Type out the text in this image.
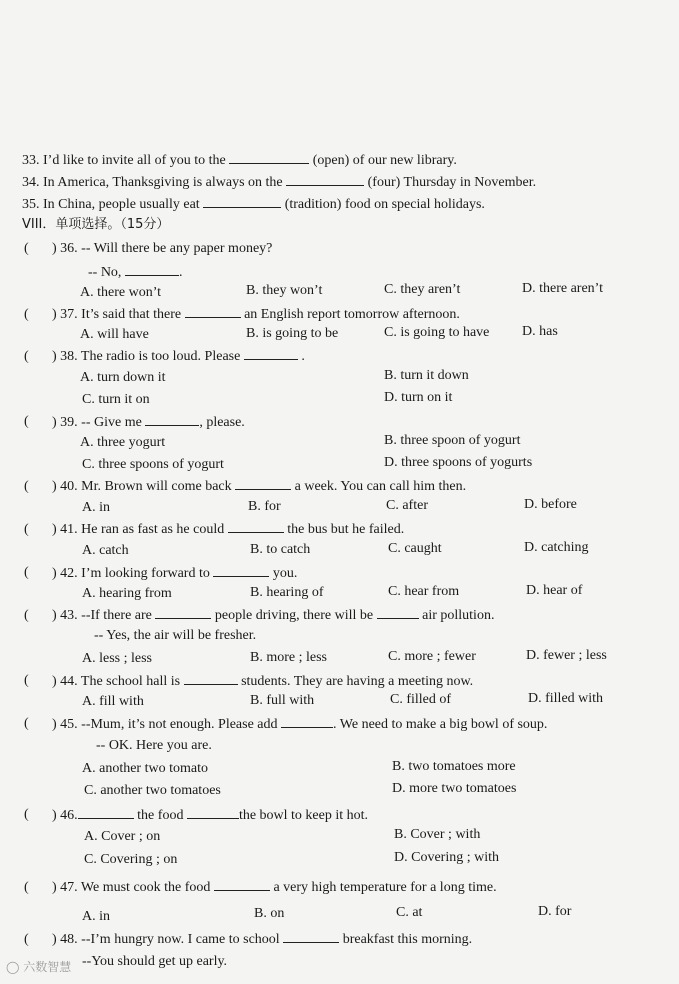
33. I’d like to invite all of you to the	(open) of our new library.
34. In America, Thanksgiving is always on the	(four) Thursday in November.
35. In China, people usually eat	(tradition) food on special holidays.
VIII．单项选择。（15分）
( ) 36. -- Will there be any paper money?
-- No,	.
A. there won’t	B. they won’t	C. they aren’t	D. there aren’t
( ) 37. It’s said that there	an English report tomorrow afternoon.
A. will have	B. is going to be	C. is going to have D. has
( ) 38. The radio is too loud. Please	.
A. turn down it	B. turn it down
C. turn it on	D. turn on it
( ) 39. -- Give me	, please.
A. three yogurt	B. three spoon of yogurt
C. three spoons of yogurt	D. three spoons of yogurts
( ) 40. Mr. Brown will come back	a week. You can call him then.
A. in	B. for	C. after	D. before
( ) 41. He ran as fast as he could	the bus but he failed.
A. catch	B. to catch	C. caught	D. catching
( ) 42. I’m looking forward to	you.
A. hearing from	B. hearing of	C. hear from	D. hear of
( ) 43. --If there are	people driving, there will be	air pollution.
-- Yes, the air will be fresher.
A. less ; less	B. more ; less	C. more ; fewer	D. fewer ; less
( ) 44. The school hall is	students. They are having a meeting now.
A. fill with	B. full with	C. filled of	D. filled with
( ) 45. --Mum, it’s not enough. Please add	. We need to make a big bowl of soup.
-- OK. Here you are.
A. another two tomato	B. two tomatoes more
C. another two tomatoes	D. more two tomatoes
( ) 46.	the food	the bowl to keep it hot.
A. Cover ; on	B. Cover ; with
C. Covering ; on	D. Covering ; with
( ) 47. We must cook the food	a very high temperature for a long time.
A. in	B. on	C. at	D. for
( ) 48. --I’m hungry now. I came to school	breakfast this morning.
--You should get up early.
◯ 六数智慧
